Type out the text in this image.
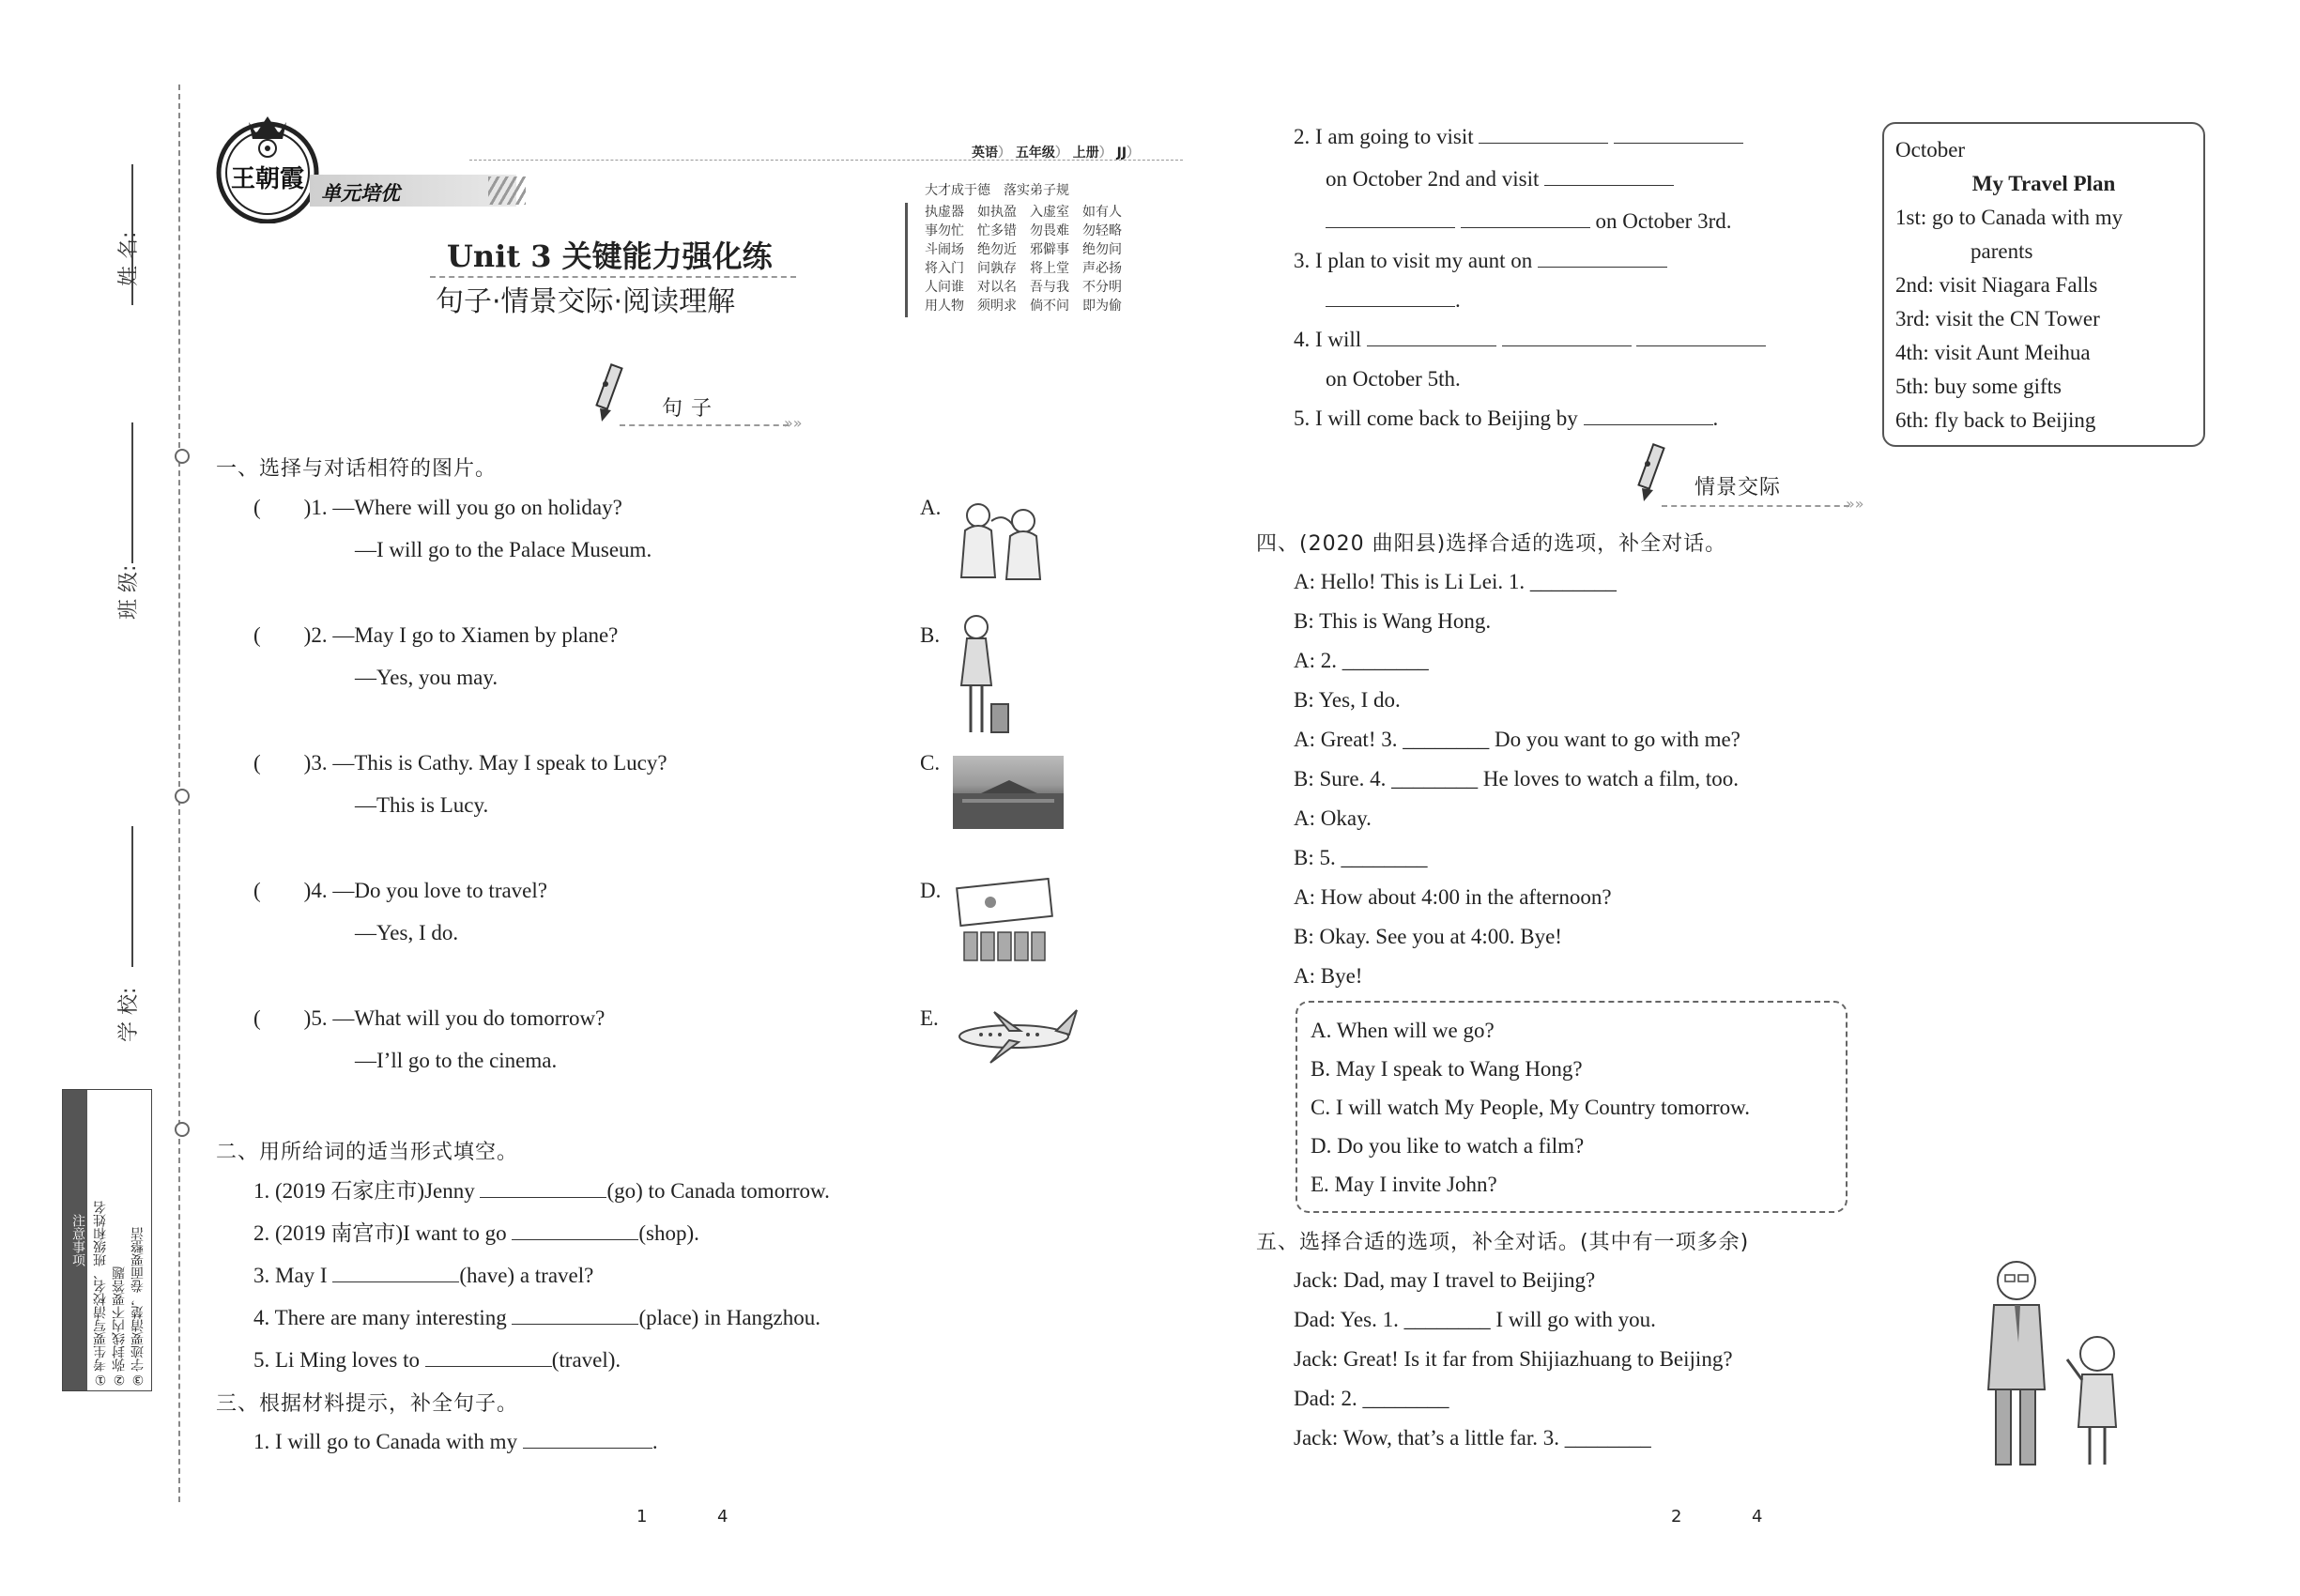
姓 名:
班 级:
学 校:
注意事项 ①考生要写清校名、班级和姓名 ②弥封线内不要答题 ③字迹要清楚，卷面要整洁
王朝霞 单元培优
英语） 五年级） 上册） JJ）
Unit 3 关键能力强化练
句子·情景交际·阅读理解
大才成于德　落实弟子规
执虚器　如执盈　入虚室　如有人
事勿忙　忙多错　勿畏难　勿轻略
斗闹场　绝勿近　邪僻事　绝勿问
将入门　问孰存　将上堂　声必扬
人问谁　对以名　吾与我　不分明
用人物　须明求　倘不问　即为偷
句 子
»»
一、选择与对话相符的图片。
(　　)1. —Where will you go on holiday?
—I will go to the Palace Museum.
(　　)2. —May I go to Xiamen by plane?
—Yes, you may.
(　　)3. —This is Cathy. May I speak to Lucy?
—This is Lucy.
(　　)4. —Do you love to travel?
—Yes, I do.
(　　)5. —What will you do tomorrow?
—I’ll go to the cinema.
A.
B.
C.
D.
E.
二、用所给词的适当形式填空。
1. (2019 石家庄市)Jenny	(go) to Canada tomorrow.
2. (2019 南宫市)I want to go	(shop).
3. May I	(have) a travel?
4. There are many interesting	(place) in Hangzhou.
5. Li Ming loves to	(travel).
三、根据材料提示，补全句子。
1. I will go to Canada with my	.
2. I am going to visit
on October 2nd and visit
on October 3rd.
3. I plan to visit my aunt on
.
4. I will
on October 5th.
5. I will come back to Beijing by	.
October
My Travel Plan
1st: go to Canada with my
parents
2nd: visit Niagara Falls
3rd: visit the CN Tower
4th: visit Aunt Meihua
5th: buy some gifts
6th: fly back to Beijing
情景交际
»»
四、(2020 曲阳县)选择合适的选项，补全对话。
A: Hello! This is Li Lei. 1. ________
B: This is Wang Hong.
A: 2. ________
B: Yes, I do.
A: Great! 3. ________ Do you want to go with me?
B: Sure. 4. ________ He loves to watch a film, too.
A: Okay.
B: 5. ________
A: How about 4:00 in the afternoon?
B: Okay. See you at 4:00. Bye!
A: Bye!
A. When will we go?
B. May I speak to Wang Hong?
C. I will watch My People, My Country tomorrow.
D. Do you like to watch a film?
E. May I invite John?
五、选择合适的选项，补全对话。(其中有一项多余)
Jack: Dad, may I travel to Beijing?
Dad: Yes. 1. ________ I will go with you.
Jack: Great! Is it far from Shijiazhuang to Beijing?
Dad: 2. ________
Jack: Wow, that’s a little far. 3. ________
1	4	2	4
